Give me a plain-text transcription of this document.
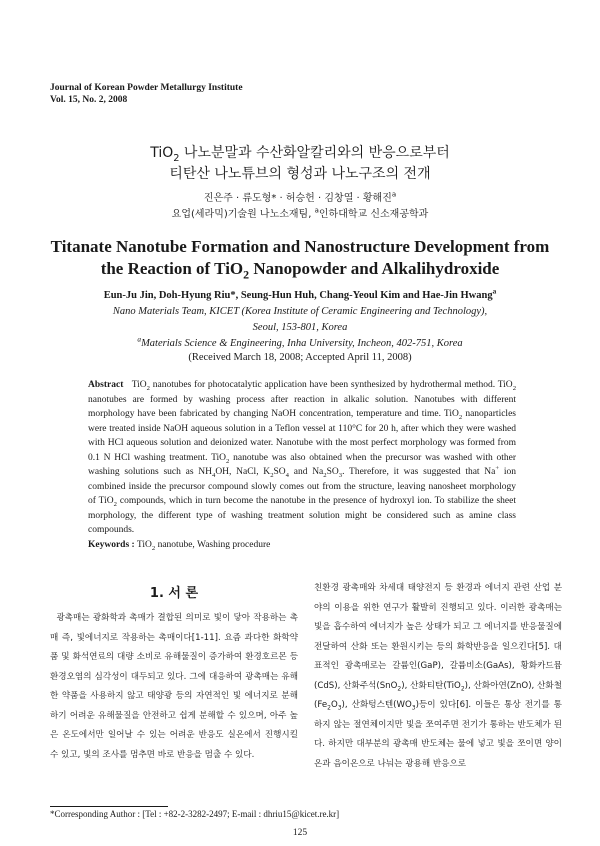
Journal of Korean Powder Metallurgy Institute
Vol. 15, No. 2, 2008
TiO$_2$ 나노분말과 수산화알칼리와의 반응으로부터
티탄산 나노튜브의 형성과 나노구조의 전개
진은주 · 류도형* · 허승헌 · 김창열 · 황해진$^a$
요업(세라믹)기술원 나노소재팀, $^a$인하대학교 신소재공학과
Titanate Nanotube Formation and Nanostructure Development from
the Reaction of TiO$_2$ Nanopowder and Alkalihydroxide
Eun-Ju Jin, Doh-Hyung Riu*, Seung-Hun Huh, Chang-Yeoul Kim and Hae-Jin Hwang$^a$
Nano Materials Team, KICET (Korea Institute of Ceramic Engineering and Technology),
Seoul, 153-801, Korea
$^a$Materials Science & Engineering, Inha University, Incheon, 402-751, Korea
(Received March 18, 2008; Accepted April 11, 2008)
Abstract TiO$_2$ nanotubes for photocatalytic application have been synthesized by hydrothermal method. TiO$_2$ nanotubes are formed by washing process after reaction in alkalic solution. Nanotubes with different morphology have been fabricated by changing NaOH concentration, temperature and time. TiO$_2$ nanoparticles were treated inside NaOH aqueous solution in a Teflon vessel at 110°C for 20 h, after which they were washed with HCl aqueous solution and deionized water. Nanotube with the most perfect morphology was formed from 0.1 N HCl washing treatment. TiO$_2$ nanotube was also obtained when the precursor was washed with other washing solutions such as $NH_4OH$, NaCl, $K_2SO_4$ and $Na_2SO_3$. Therefore, it was suggested that Na+ ion combined inside the precursor compound slowly comes out from the structure, leaving nanosheet morphology of TiO$_2$ compounds, which in turn become the nanotube in the presence of hydroxyl ion. To stabilize the sheet morphology, the different type of washing treatment solution might be considered such as amine class compounds.
Keywords : TiO$_2$ nanotube, Washing procedure
1. 서 론
광촉매는 광화학과 촉매가 결합된 의미로 빛이 닿아 작용하는 촉매 즉, 빛에너지로 작용하는 촉매이다[1-11]. 요즘 과다한 화학약품 및 화석연료의 대량 소비로 유해물질이 증가하여 환경호르몬 등 환경오염의 심각성이 대두되고 있다. 그에 대응하여 광촉매는 유해한 약품을 사용하지 않고 태양광 등의 자연적인 빛 에너지로 분해하기 어려운 유해물질을 안전하고 쉽게 분해할 수 있으며, 아주 높은 온도에서만 일어날 수 있는 어려운 반응도 실온에서 진행시킬 수 있고, 빛의 조사를 멈추면 바로 반응을 멈출 수 있다.
친환경 광촉매와 차세대 태양전지 등 환경과 에너지 관련 산업 분야의 이용을 위한 연구가 활발히 진행되고 있다. 이러한 광촉매는 빛을 흡수하여 에너지가 높은 상태가 되고 그 에너지를 반응물질에 전달하여 산화 또는 환원시키는 등의 화학반응을 일으킨다[5]. 대표적인 광촉매로는 갈륨인(GaP), 갈륨비소(GaAs), 황화카드뮴(CdS), 산화주석(SnO$_2$), 산화티탄(TiO$_2$), 산화아연(ZnO), 산화철$(Fe_2O_3)$, 산화텅스텐$(WO_3)$등이 있다[6]. 이들은 통상 전기를 통하지 않는 절연체이지만 빛을 쪼여주면 전기가 통하는 반도체가 된다. 하지만 대부분의 광촉매 반도체는 물에 넣고 빛을 쪼이면 양이온과 음이온으로 나눠는 광용해 반응으로
*Corresponding Author : [Tel : +82-2-3282-2497; E-mail : dhriu15@kicet.re.kr]
125
